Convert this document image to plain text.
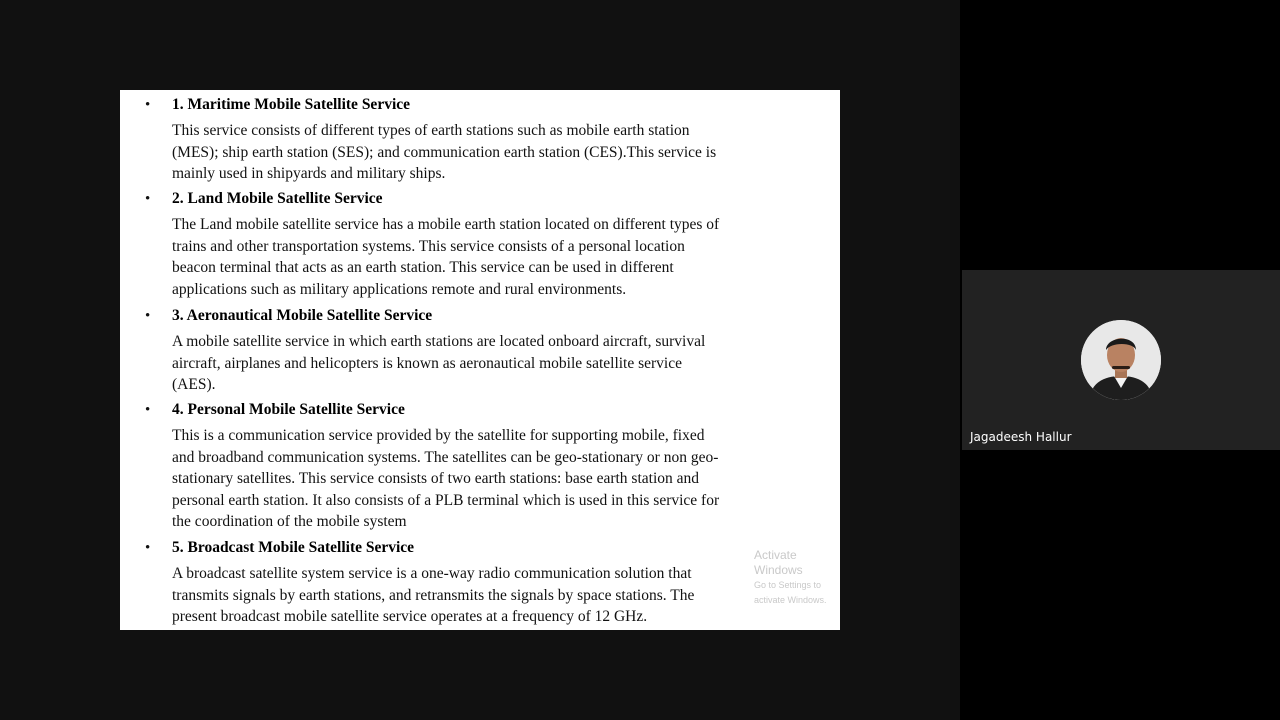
• 1. Maritime Mobile Satellite Service
This service consists of different types of earth stations such as mobile earth station
(MES); ship earth station (SES); and communication earth station (CES).This service is
mainly used in shipyards and military ships.
• 2. Land Mobile Satellite Service
The Land mobile satellite service has a mobile earth station located on different types of
trains and other transportation systems. This service consists of a personal location
beacon terminal that acts as an earth station. This service can be used in different
applications such as military applications remote and rural environments.
• 3. Aeronautical Mobile Satellite Service
A mobile satellite service in which earth stations are located onboard aircraft, survival
aircraft, airplanes and helicopters is known as aeronautical mobile satellite service
(AES).
• 4. Personal Mobile Satellite Service
This is a communication service provided by the satellite for supporting mobile, fixed
and broadband communication systems. The satellites can be geo-stationary or non geo-
stationary satellites. This service consists of two earth stations: base earth station and
personal earth station. It also consists of a PLB terminal which is used in this service for
the coordination of the mobile system
• 5. Broadcast Mobile Satellite Service
A broadcast satellite system service is a one-way radio communication solution that
transmits signals by earth stations, and retransmits the signals by space stations. The
present broadcast mobile satellite service operates at a frequency of 12 GHz.
Activate Windows
Go to Settings to activate Windows.
Jagadeesh Hallur
